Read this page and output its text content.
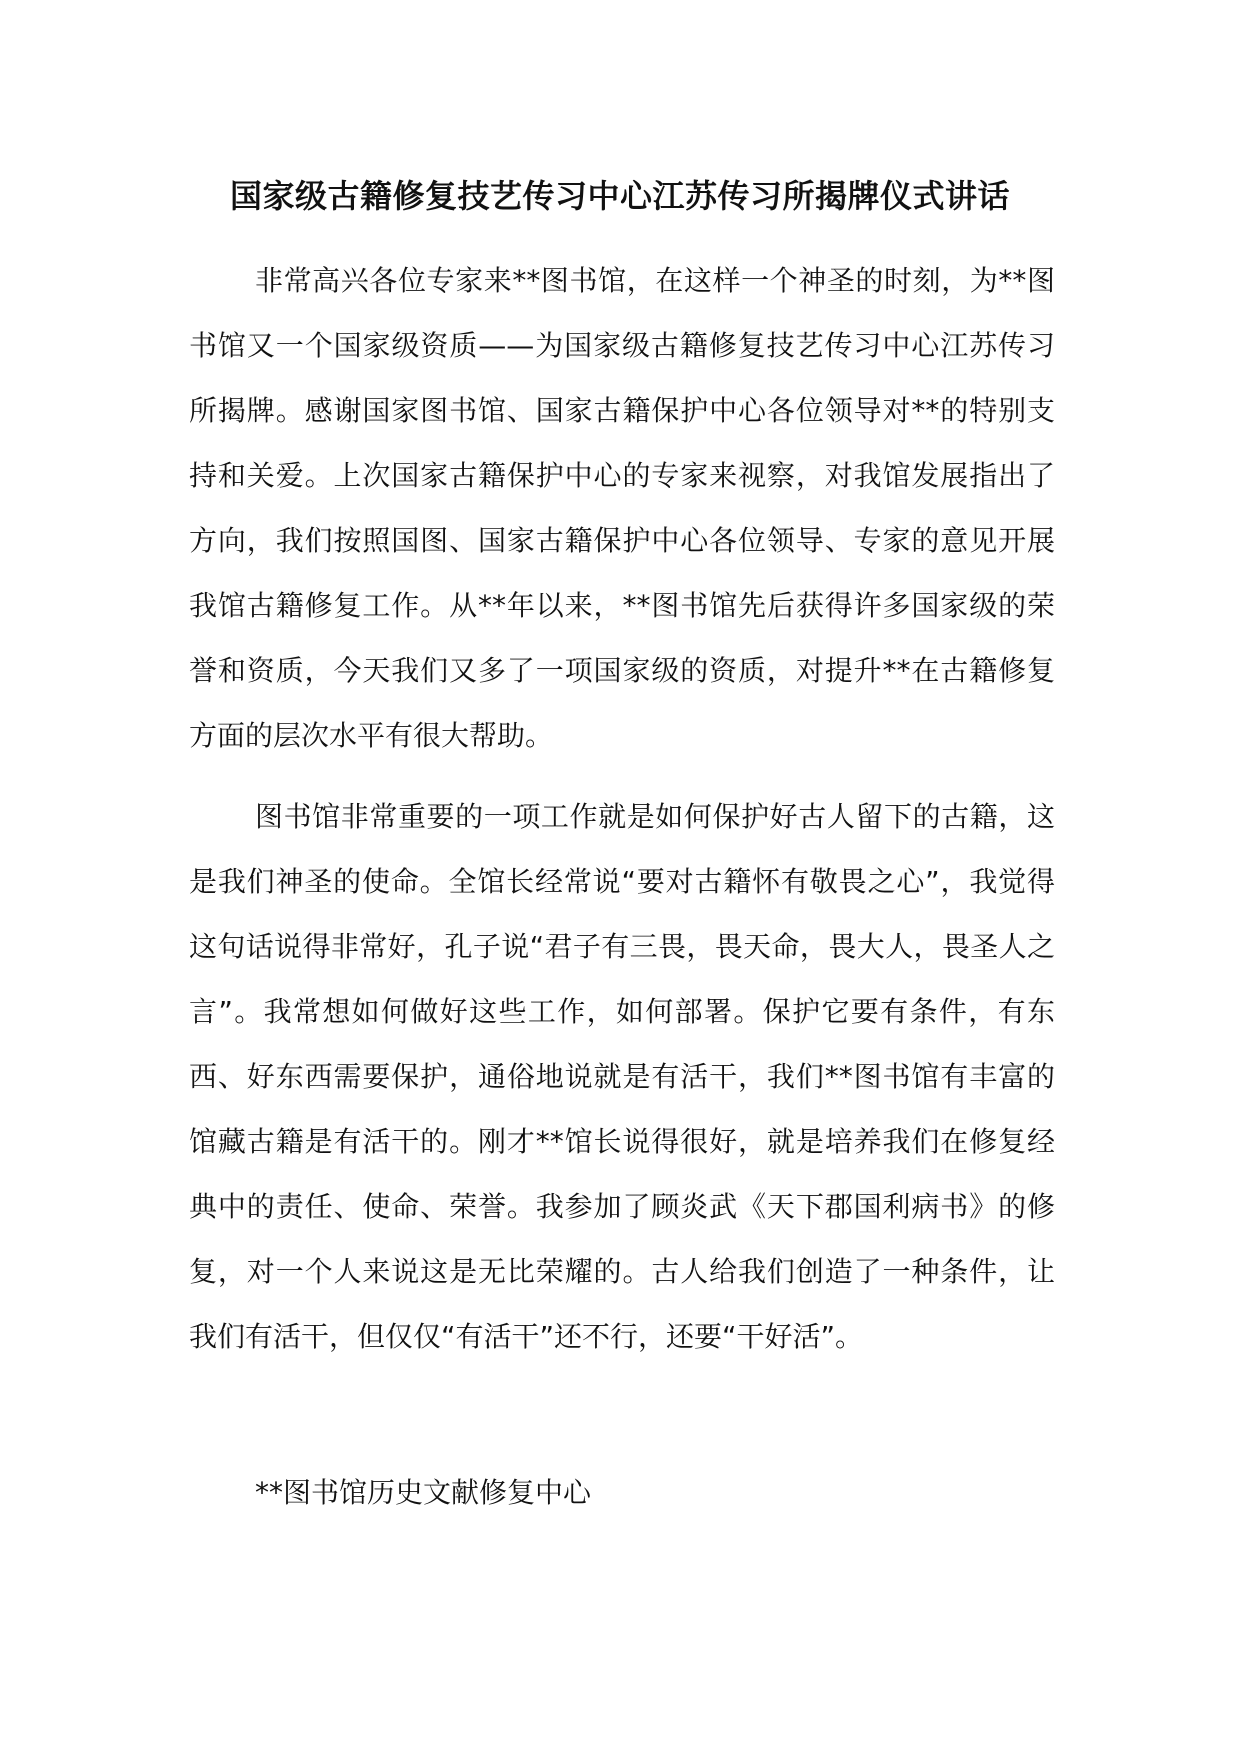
国家级古籍修复技艺传习中心江苏传习所揭牌仪式讲话

非常高兴各位专家来**图书馆，在这样一个神圣的时刻，为**图书馆又一个国家级资质——为国家级古籍修复技艺传习中心江苏传习所揭牌。感谢国家图书馆、国家古籍保护中心各位领导对**的特别支持和关爱。上次国家古籍保护中心的专家来视察，对我馆发展指出了方向，我们按照国图、国家古籍保护中心各位领导、专家的意见开展我馆古籍修复工作。从**年以来，**图书馆先后获得许多国家级的荣誉和资质，今天我们又多了一项国家级的资质，对提升**在古籍修复方面的层次水平有很大帮助。

图书馆非常重要的一项工作就是如何保护好古人留下的古籍，这是我们神圣的使命。全馆长经常说“要对古籍怀有敬畏之心”，我觉得这句话说得非常好，孔子说“君子有三畏，畏天命，畏大人，畏圣人之言”。我常想如何做好这些工作，如何部署。保护它要有条件，有东西、好东西需要保护，通俗地说就是有活干，我们**图书馆有丰富的馆藏古籍是有活干的。刚才**馆长说得很好，就是培养我们在修复经典中的责任、使命、荣誉。我参加了顾炎武《天下郡国利病书》的修复，对一个人来说这是无比荣耀的。古人给我们创造了一种条件，让我们有活干，但仅仅“有活干”还不行，还要“干好活”。

**图书馆历史文献修复中心
